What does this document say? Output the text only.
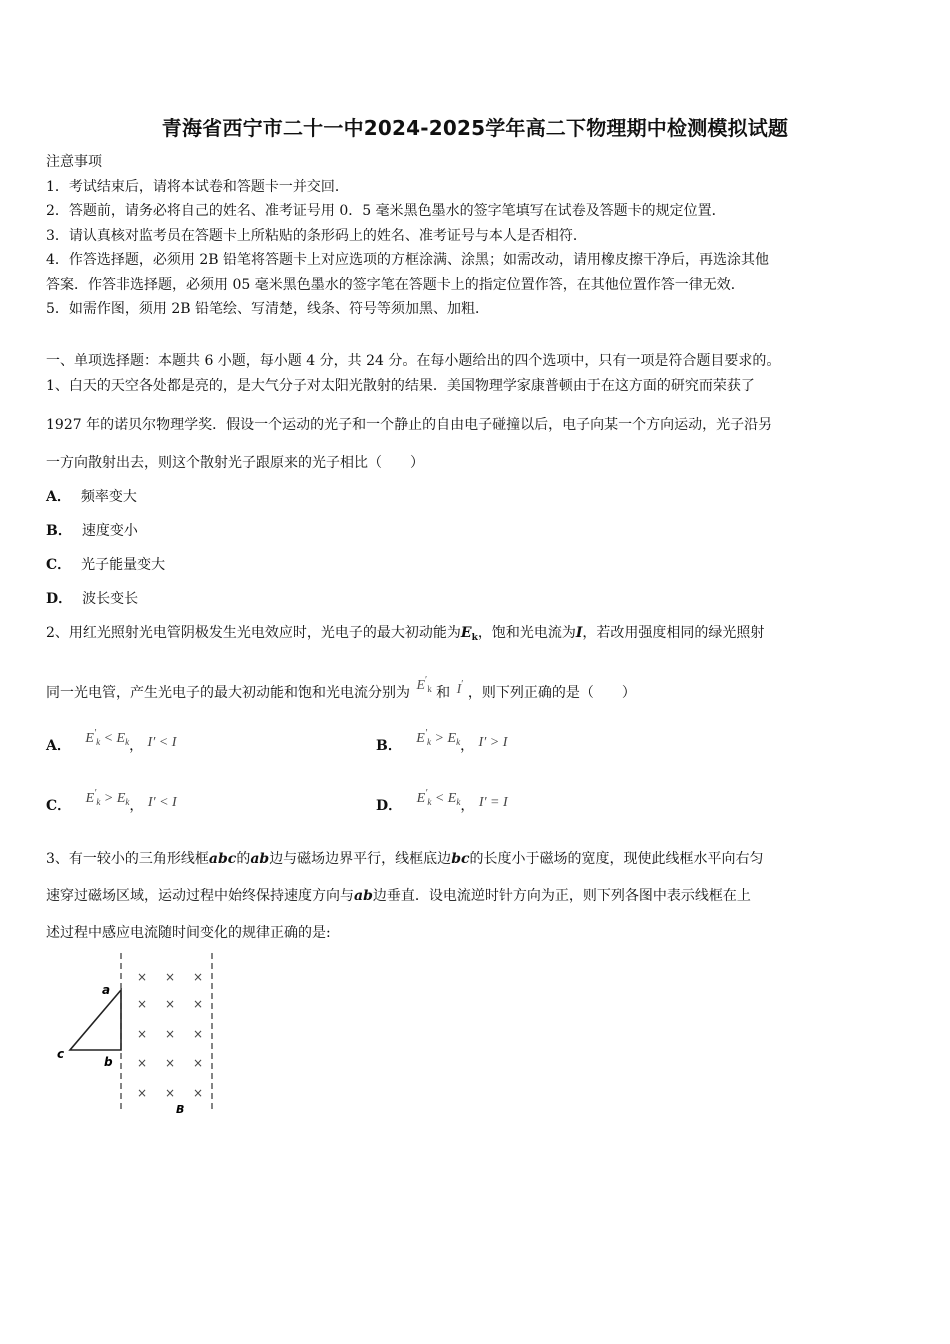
青海省西宁市二十一中2024-2025学年高二下物理期中检测模拟试题
注意事项
1．考试结束后，请将本试卷和答题卡一并交回．
2．答题前，请务必将自己的姓名、准考证号用 0．5 毫米黑色墨水的签字笔填写在试卷及答题卡的规定位置．
3．请认真核对监考员在答题卡上所粘贴的条形码上的姓名、准考证号与本人是否相符．
4．作答选择题，必须用 2B 铅笔将答题卡上对应选项的方框涂满、涂黑；如需改动，请用橡皮擦干净后，再选涂其他
答案．作答非选择题，必须用 05 毫米黑色墨水的签字笔在答题卡上的指定位置作答，在其他位置作答一律无效．
5．如需作图，须用 2B 铅笔绘、写清楚，线条、符号等须加黑、加粗．
一、单项选择题：本题共 6 小题，每小题 4 分，共 24 分。在每小题给出的四个选项中，只有一项是符合题目要求的。
1、白天的天空各处都是亮的，是大气分子对太阳光散射的结果．美国物理学家康普顿由于在这方面的研究而荣获了
1927 年的诺贝尔物理学奖．假设一个运动的光子和一个静止的自由电子碰撞以后，电子向某一个方向运动，光子沿另
一方向散射出去，则这个散射光子跟原来的光子相比（　　）
A． 频率变大
B． 速度变小
C． 光子能量变大
D． 波长变长
2、用红光照射光电管阴极发生光电效应时，光电子的最大初动能为$E_k$，饱和光电流为I，若改用强度相同的绿光照射
同一光电管，产生光电子的最大初动能和饱和光电流分别为 $E'_k$ 和 I′ ，则下列正确的是（　　）
A． $E'_k < E_k$， I′ < I	B． $E'_k > E_k$， I′ > I
C． $E'_k > E_k$， I′ < I	D． $E'_k < E_k$， I′ = I
3、有一较小的三角形线框abc的ab边与磁场边界平行，线框底边bc的长度小于磁场的宽度，现使此线框水平向右匀
速穿过磁场区域，运动过程中始终保持速度方向与ab边垂直．设电流逆时针方向为正，则下列各图中表示线框在上
述过程中感应电流随时间变化的规律正确的是:
a
b
c
B
× × ×
× × ×
× × ×
× × ×
× × ×
